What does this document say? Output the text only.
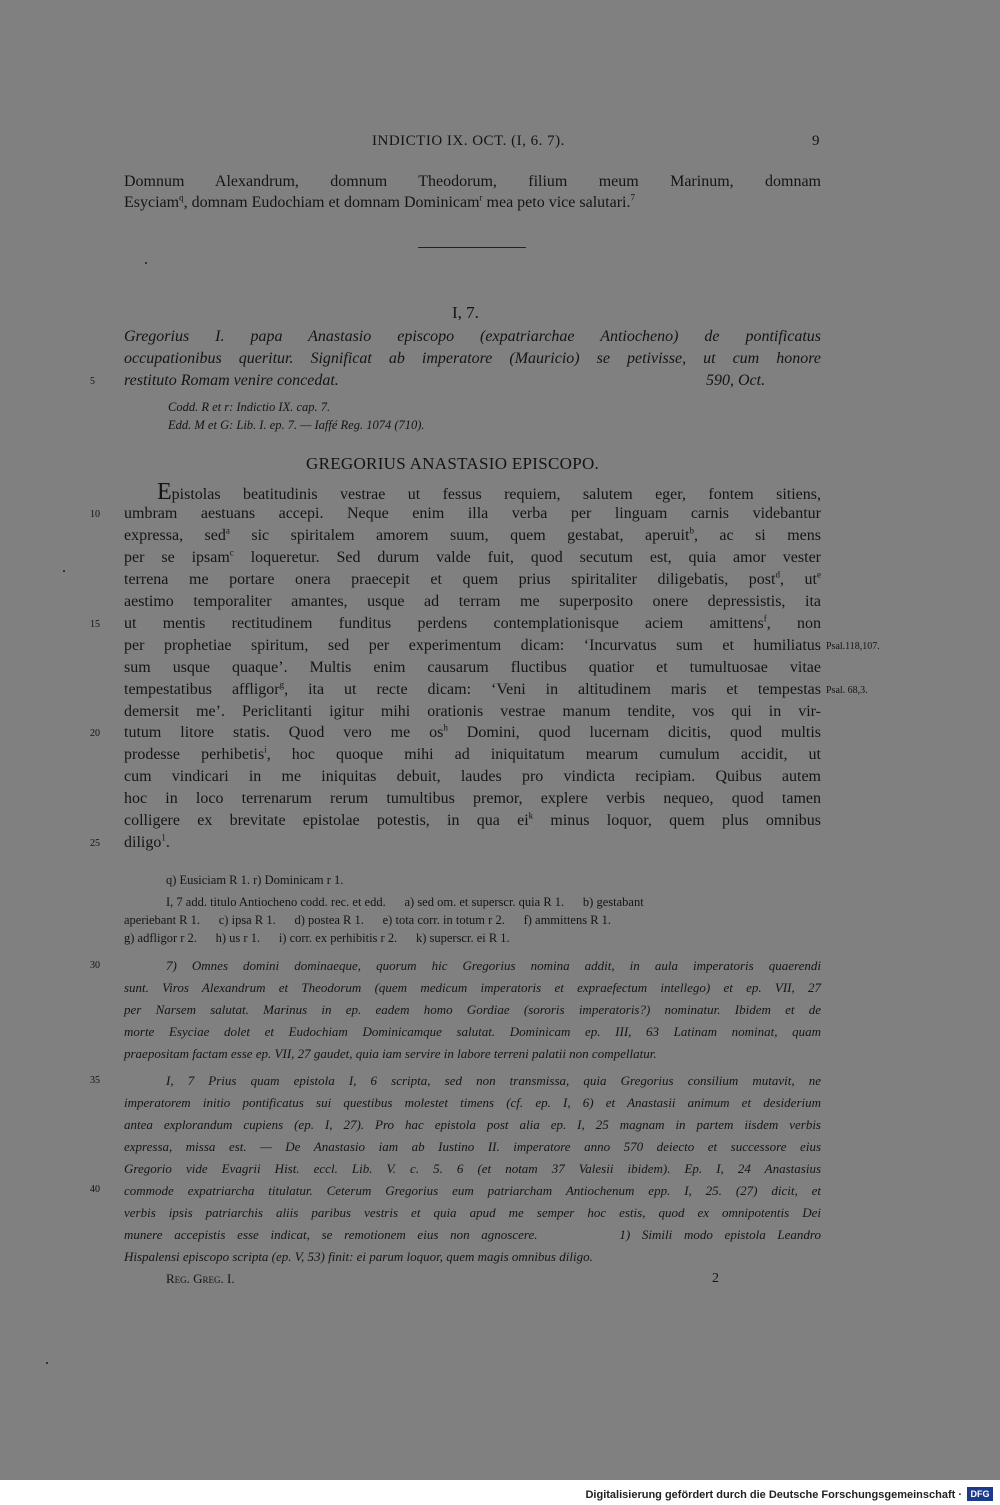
INDICTIO IX. OCT. (I, 6. 7).	9
Domnum Alexandrum, domnum Theodorum, filium meum Marinum, domnam
Esyciam$^q$, domnam Eudochiam et domnam Dominicam$^r$ mea peto vice salutari.$^7$
I, 7.
Gregorius I. papa Anastasio episcopo (expatriarchae Antiocheno) de pontificatus
occupationibus queritur. Significat ab imperatore (Mauricio) se petivisse, ut cum honore
restituto Romam venire concedat.	590, Oct.
5
Codd. R et r: Indictio IX. cap. 7.
Edd. M et G: Lib. I. ep. 7. — Iaffé Reg. 1074 (710).
GREGORIUS ANASTASIO EPISCOPO.
Epistolas beatitudinis vestrae ut fessus requiem, salutem eger, fontem sitiens,
10 umbram aestuans accepi. Neque enim illa verba per linguam carnis videbantur
expressa, sed$^a$ sic spiritalem amorem suum, quem gestabat, aperuit$^b$, ac si mens
per se ipsam$^c$ loqueretur. Sed durum valde fuit, quod secutum est, quia amor vester
terrena me portare onera praecepit et quem prius spiritaliter diligebatis, post$^d$, $ut^e$
aestimo temporaliter amantes, usque ad terram me superposito onere depressistis, ita
15 ut mentis rectitudinem funditus perdens contemplationisque aciem amittens$^f$, non
per prophetiae spiritum, sed per experimentum dicam: ‘Incurvatus sum et humiliatus Psal.118,107.
sum usque quaque’. Multis enim causarum fluctibus quatior et tumultuosae vitae
tempestatibus affligor$^g$, ita ut recte dicam: ‘Veni in altitudinem maris et tempestas Psal. 68,3.
demersit me’. Periclitanti igitur mihi orationis vestrae manum tendite, vos qui in vir-
20 tutum litore statis. Quod vero me $os^h$ Domini, quod lucernam dicitis, quod multis
prodesse perhibetis$^i$, hoc quoque mihi ad iniquitatum mearum cumulum accidit, ut
cum vindicari in me iniquitas debuit, laudes pro vindicta recipiam. Quibus autem
hoc in loco terrenarum rerum tumultibus premor, explere verbis nequeo, quod tamen
colligere ex brevitate epistolae potestis, in qua $ei^k$ minus loquor, quem plus omnibus
25 diligo$^1$.
q) Eusiciam R 1. r) Dominicam r 1.
I, 7 add. titulo Antiocheno codd. rec. et edd.      a) sed om. et superscr. quia R 1.      b) gestabant
aperiebant R 1.      c) ipsa R 1.      d) postea R 1.      e) tota corr. in totum r 2.      f) ammittens R 1.
g) adfligor r 2.      h) us r 1.      i) corr. ex perhibitis r 2.      k) superscr. ei R 1.
30	7) Omnes domini dominaeque, quorum hic Gregorius nomina addit, in aula imperatoris quaerendi
sunt. Viros Alexandrum et Theodorum (quem medicum imperatoris et expraefectum intellego) et ep. VII, 27
per Narsem salutat. Marinus in ep. eadem homo Gordiae (sororis imperatoris?) nominatur. Ibidem et de
morte Esyciae dolet et Eudochiam Dominicamque salutat. Dominicam ep. III, 63 Latinam nominat, quam
praepositam factam esse ep. VII, 27 gaudet, quia iam servire in labore terreni palatii non compellatur.
35	I, 7 Prius quam epistola I, 6 scripta, sed non transmissa, quia Gregorius consilium mutavit, ne
imperatorem initio pontificatus sui questibus molestet timens (cf. ep. I, 6) et Anastasii animum et desiderium
antea explorandum cupiens (ep. I, 27). Pro hac epistola post alia ep. I, 25 magnam in partem iisdem verbis
expressa, missa est. — De Anastasio iam ab Iustino II. imperatore anno 570 deiecto et successore eius
Gregorio vide Evagrii Hist. eccl. Lib. V. c. 5. 6 (et notam 37 Valesii ibidem). Ep. I, 24 Anastasius
40 commode expatriarcha titulatur. Ceterum Gregorius eum patriarcham Antiochenum epp. I, 25. (27) dicit, et
verbis ipsis patriarchis aliis paribus vestris et quia apud me semper hoc estis, quod ex omnipotentis Dei
munere accepistis esse indicat, se remotionem eius non agnoscere.       1) Simili modo epistola Leandro
Hispalensi episcopo scripta (ep. V, 53) finit: ei parum loquor, quem magis omnibus diligo.
Reg. Greg. I.	2
Digitalisierung gefördert durch die Deutsche Forschungsgemeinschaft · DFG
